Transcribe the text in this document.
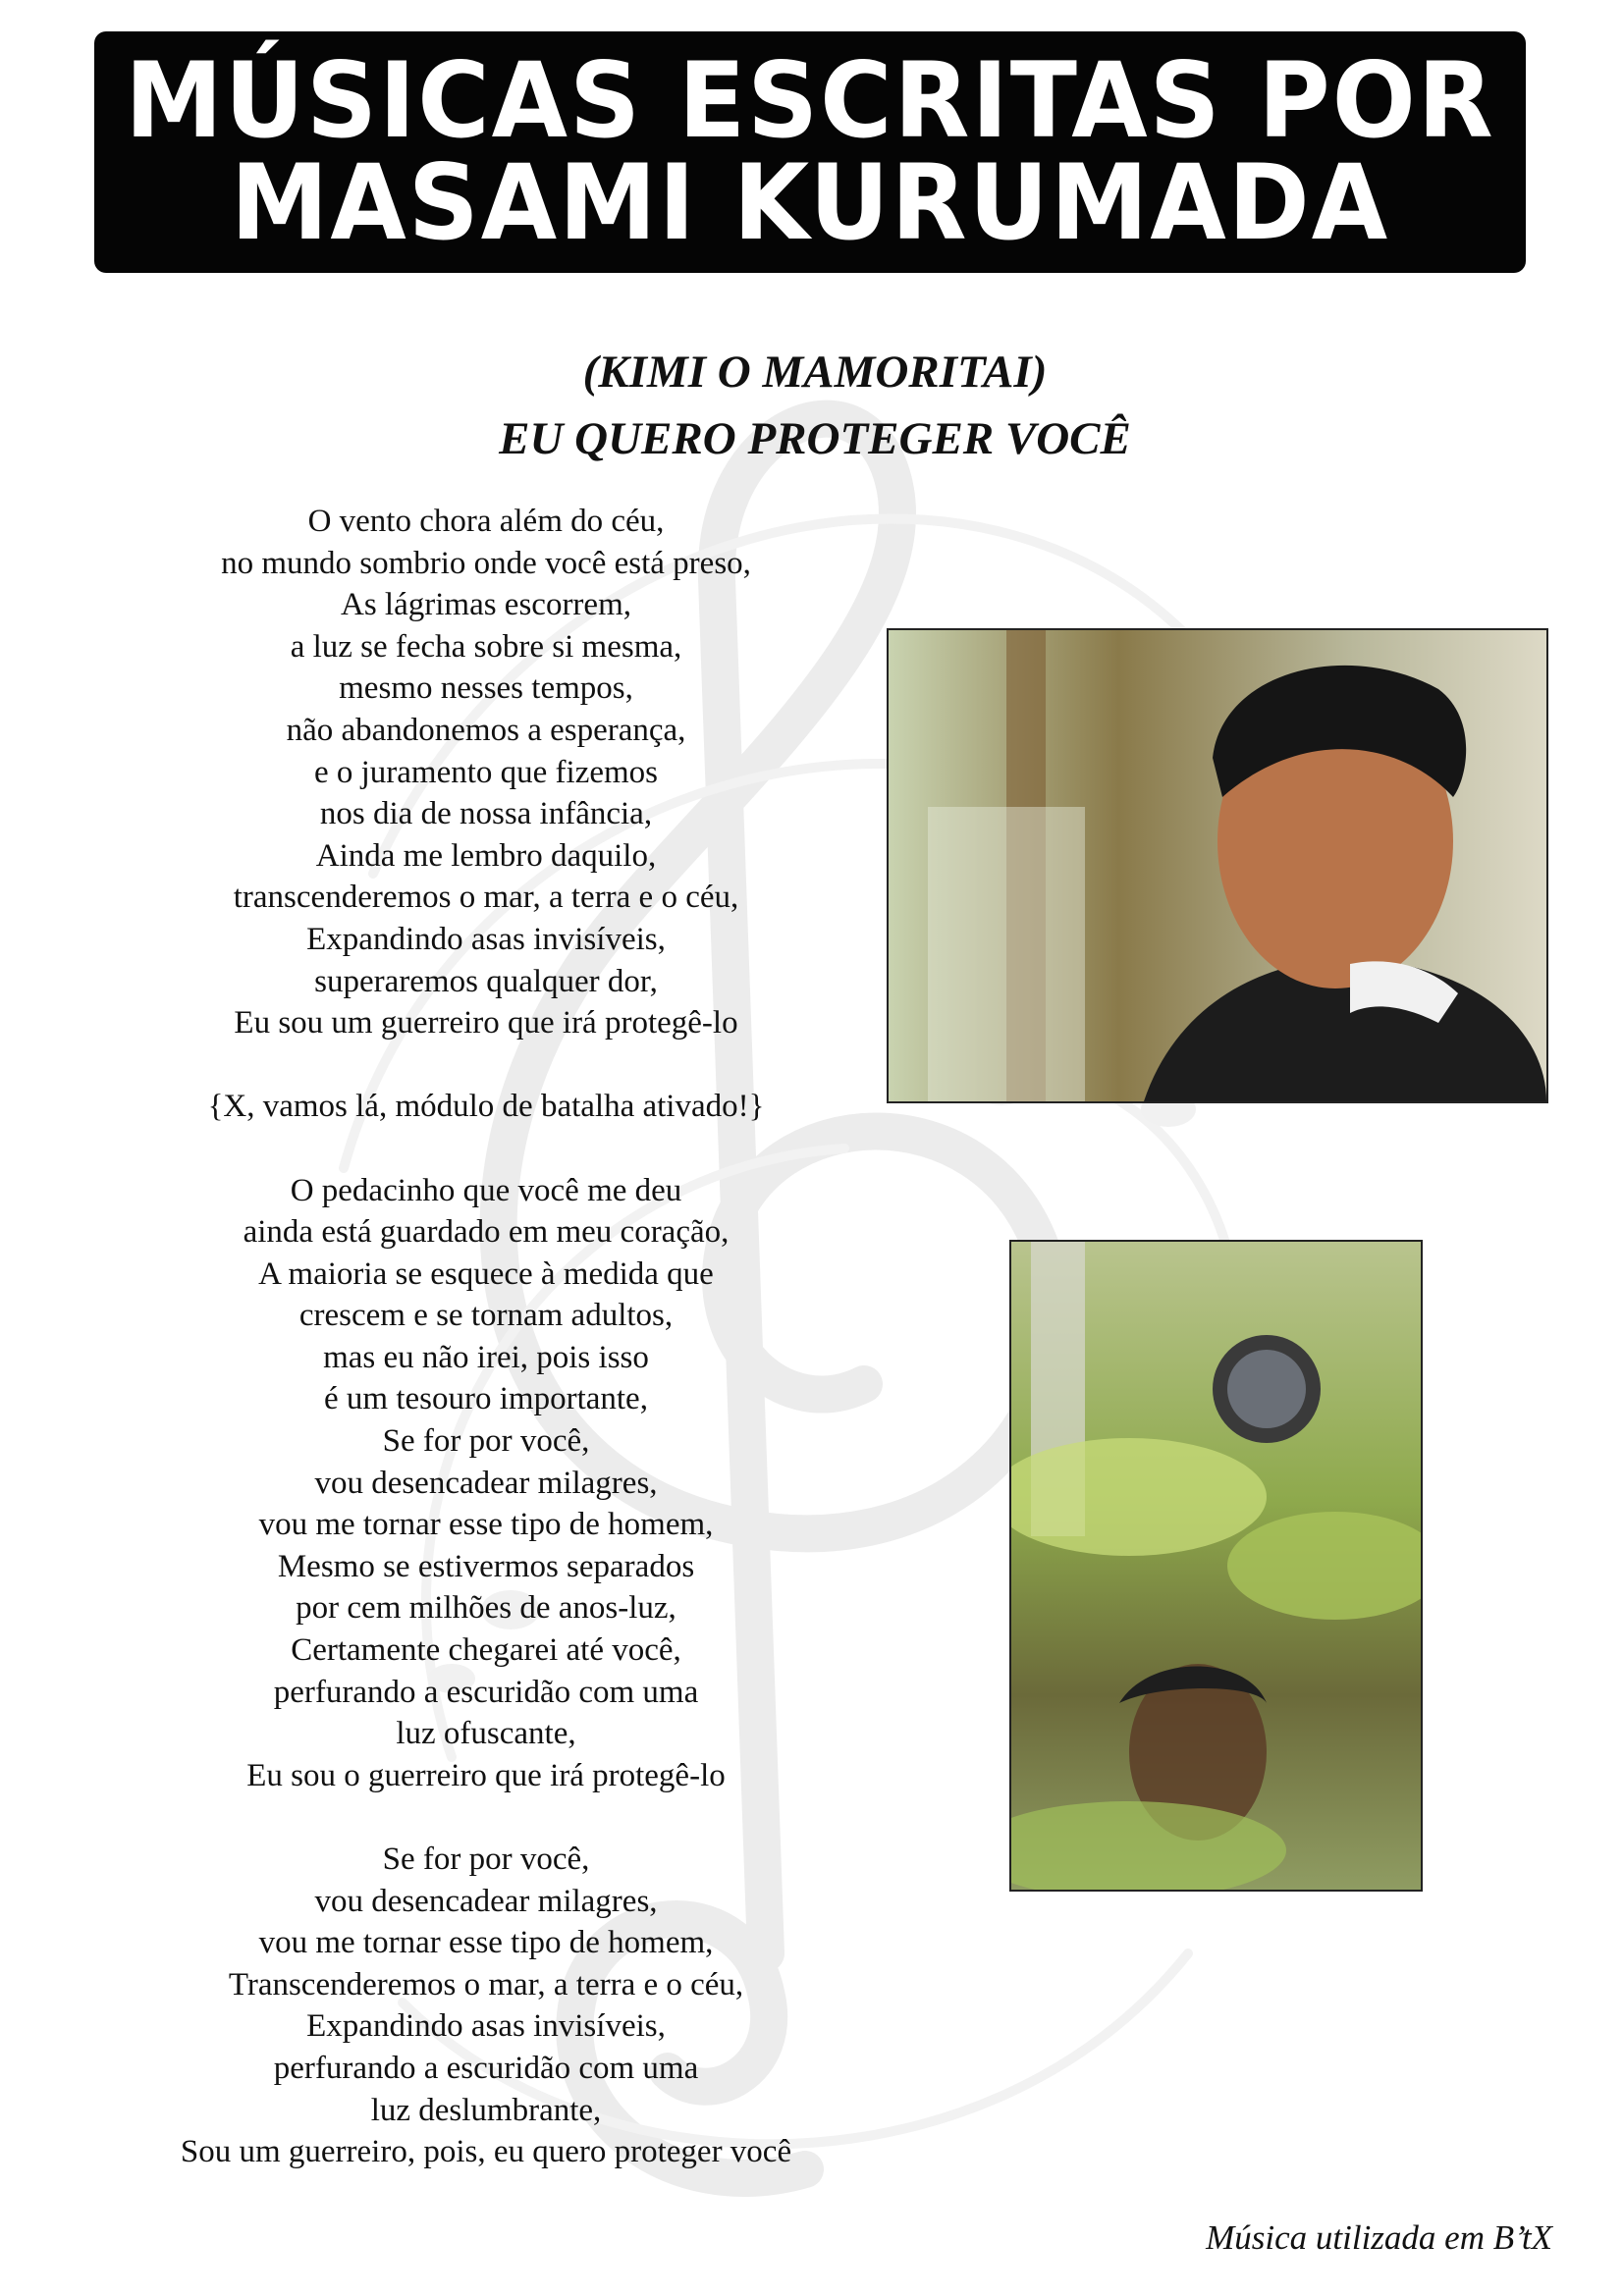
MÚSICAS ESCRITAS POR
MASAMI KURUMADA
(KIMI O MAMORITAI)
EU QUERO PROTEGER VOCÊ
O vento chora além do céu,
no mundo sombrio onde você está preso,
As lágrimas escorrem,
a luz se fecha sobre si mesma,
mesmo nesses tempos,
não abandonemos a esperança,
e o juramento que fizemos
nos dia de nossa infância,
Ainda me lembro daquilo,
transcenderemos o mar, a terra e o céu,
Expandindo asas invisíveis,
superaremos qualquer dor,
Eu sou um guerreiro que irá protegê-lo
{X, vamos lá, módulo de batalha ativado!}
O pedacinho que você me deu
ainda está guardado em meu coração,
A maioria se esquece à medida que
crescem e se tornam adultos,
mas eu não irei, pois isso
é um tesouro importante,
Se for por você,
vou desencadear milagres,
vou me tornar esse tipo de homem,
Mesmo se estivermos separados
por cem milhões de anos-luz,
Certamente chegarei até você,
perfurando a escuridão com uma
luz ofuscante,
Eu sou o guerreiro que irá protegê-lo
Se for por você,
vou desencadear milagres,
vou me tornar esse tipo de homem,
Transcenderemos o mar, a terra e o céu,
Expandindo asas invisíveis,
perfurando a escuridão com uma
luz deslumbrante,
Sou um guerreiro, pois, eu quero proteger você
Música utilizada em B’tX
